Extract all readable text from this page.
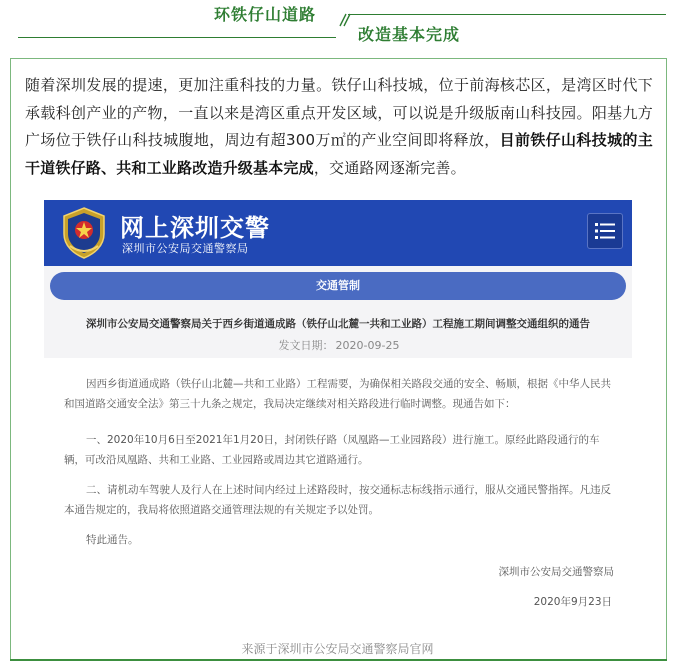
环铁仔山道路
改造基本完成
随着深圳发展的提速，更加注重科技的力量。铁仔山科技城，位于前海核芯区，是湾区时代下承载科创产业的产物，一直以来是湾区重点开发区域，可以说是升级版南山科技园。阳基九方广场位于铁仔山科技城腹地，周边有超300万㎡的产业空间即将释放，目前铁仔山科技城的主干道铁仔路、共和工业路改造升级基本完成，交通路网逐渐完善。
网上深圳交警
深圳市公安局交通警察局
交通管制
深圳市公安局交通警察局关于西乡街道通成路（铁仔山北麓一共和工业路）工程施工期间调整交通组织的通告
发文日期： 2020-09-25

因西乡街道通成路（铁仔山北麓—共和工业路）工程需要，为确保相关路段交通的安全、畅顺，根据《中华人民共和国道路交通安全法》第三十九条之规定，我局决定继续对相关路段进行临时调整。现通告如下：

一、2020年10月6日至2021年1月20日，封闭铁仔路（凤凰路—工业园路段）进行施工。原经此路段通行的车辆，可改沿凤凰路、共和工业路、工业园路或周边其它道路通行。

二、请机动车驾驶人及行人在上述时间内经过上述路段时，按交通标志标线指示通行，服从交通民警指挥。凡违反本通告规定的，我局将依照道路交通管理法规的有关规定予以处罚。

特此通告。

深圳市公安局交通警察局
2020年9月23日
来源于深圳市公安局交通警察局官网
